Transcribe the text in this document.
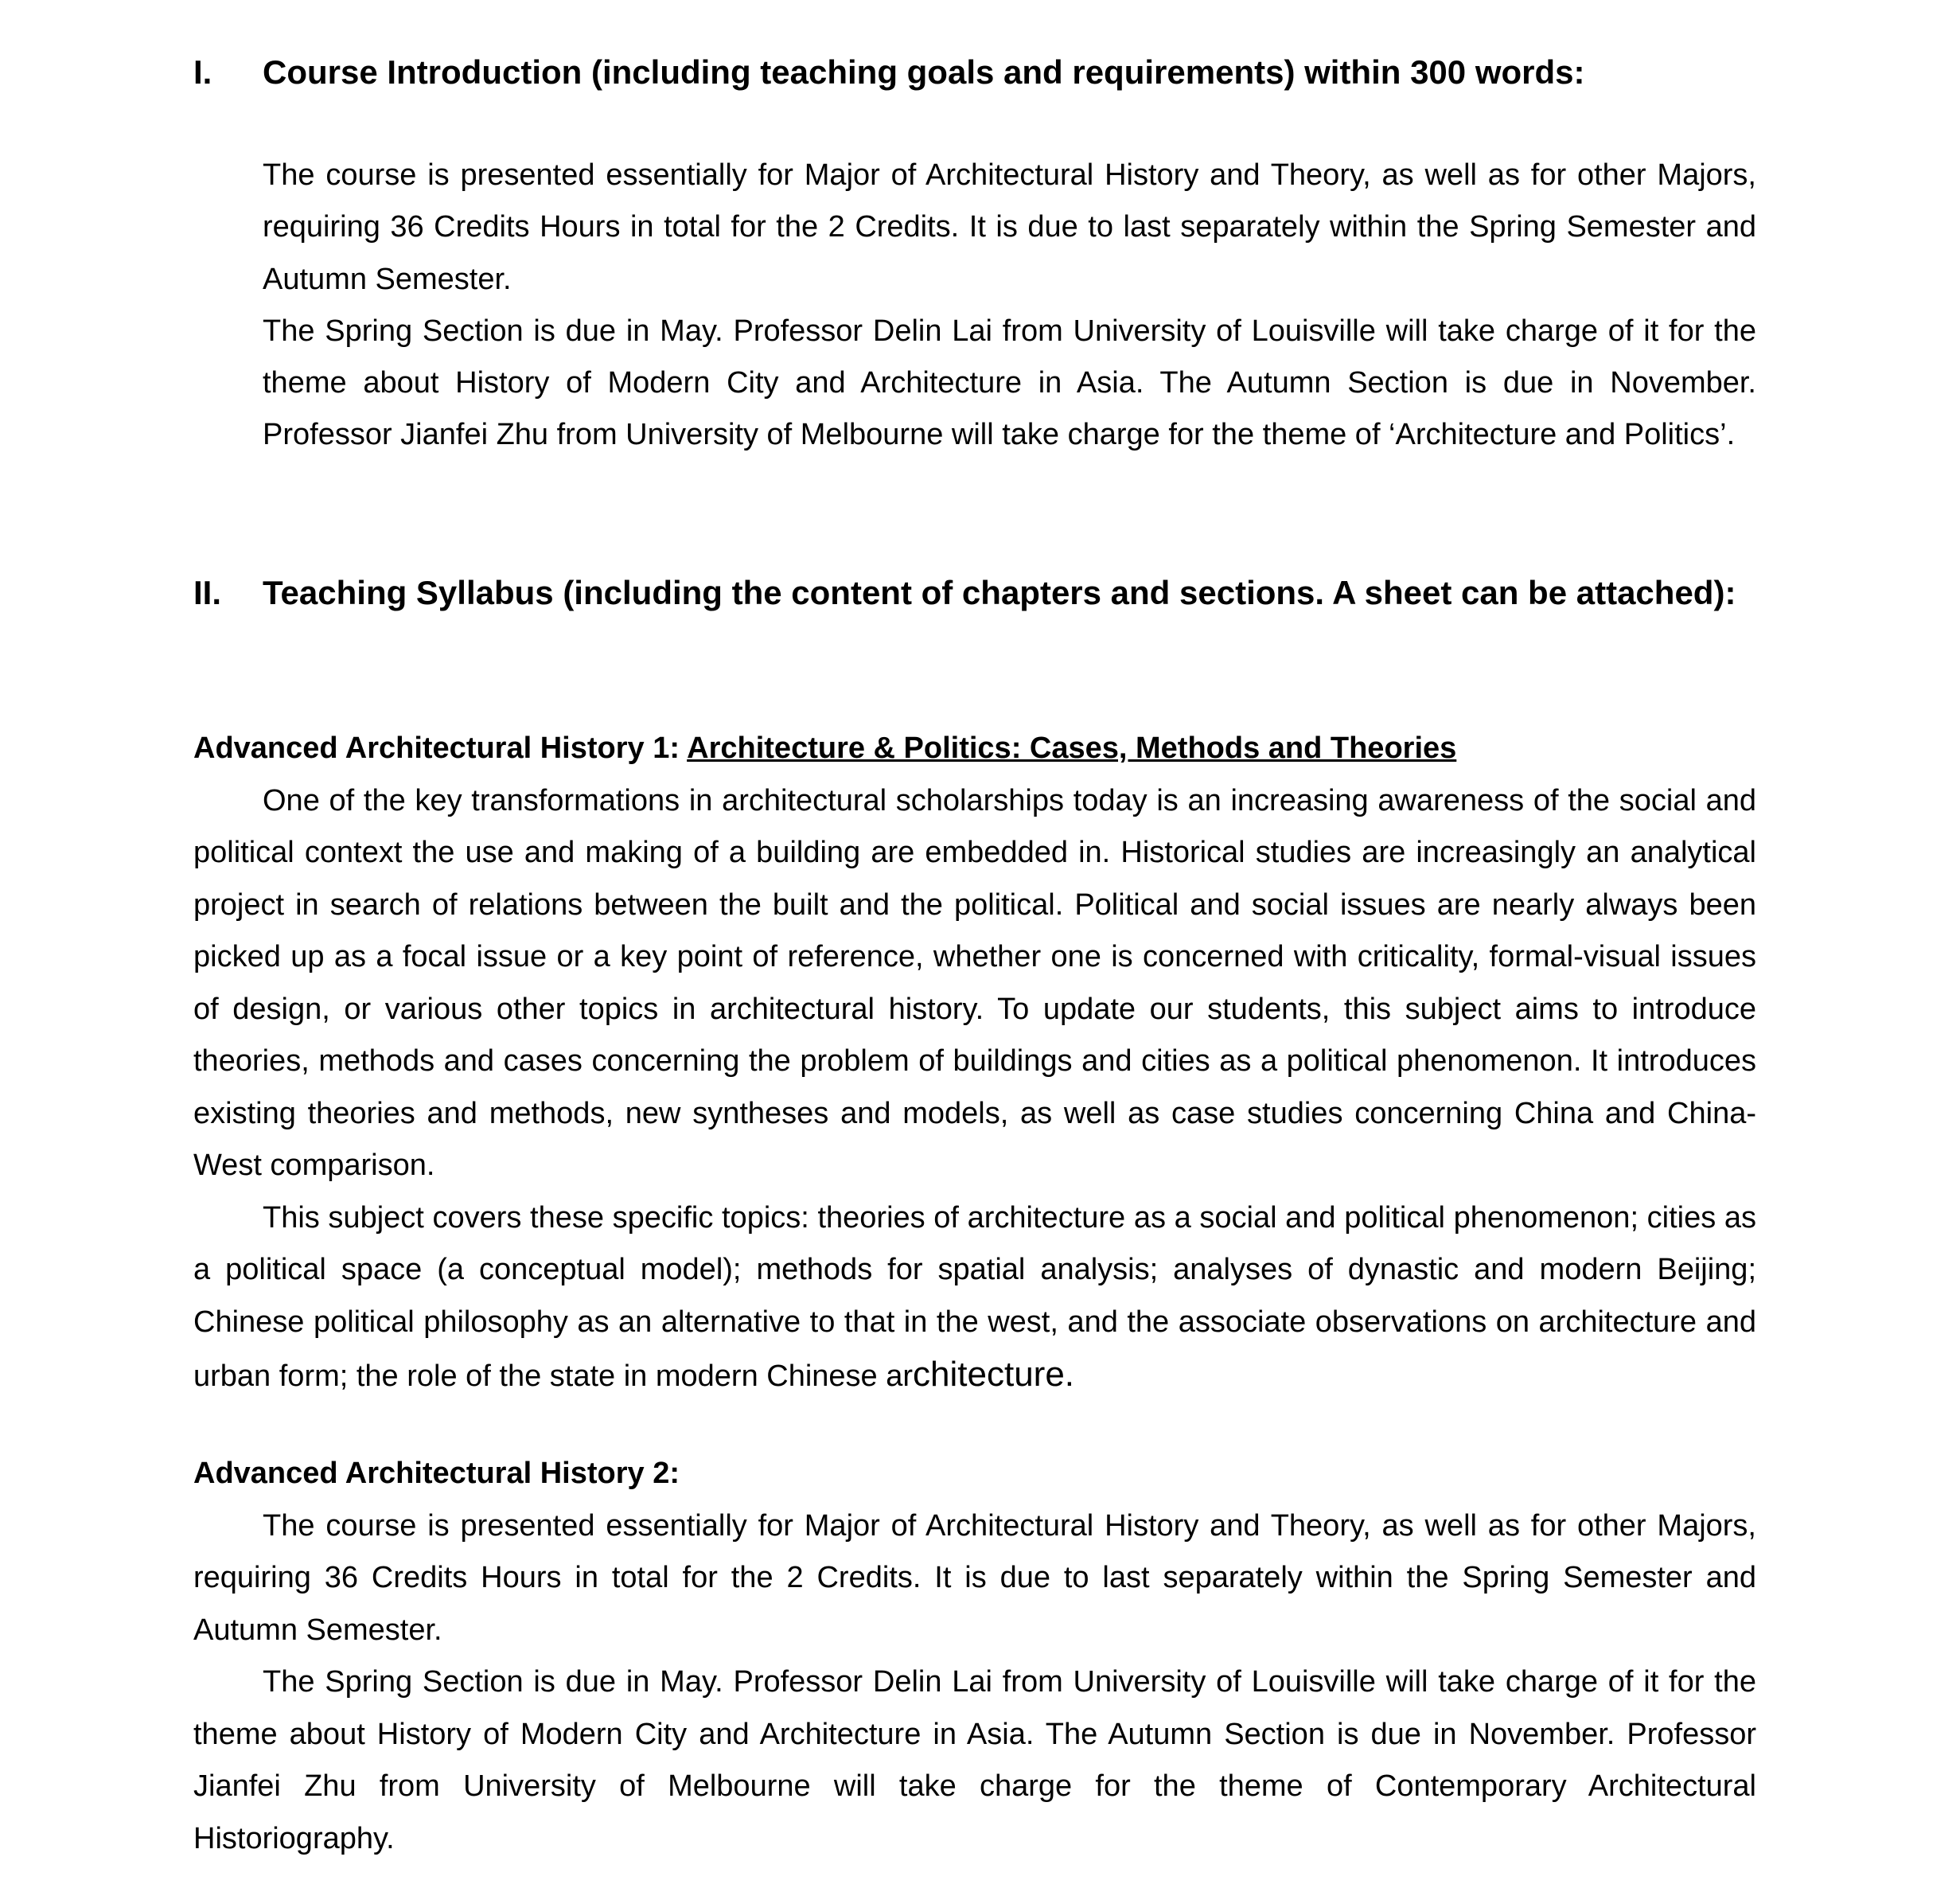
I.	Course Introduction (including teaching goals and requirements) within 300 words:

The course is presented essentially for Major of Architectural History and Theory, as well as for other Majors, requiring 36 Credits Hours in total for the 2 Credits. It is due to last separately within the Spring Semester and Autumn Semester.

The Spring Section is due in May. Professor Delin Lai from University of Louisville will take charge of it for the theme about History of Modern City and Architecture in Asia. The Autumn Section is due in November. Professor Jianfei Zhu from University of Melbourne will take charge for the theme of ‘Architecture and Politics’.

II.	Teaching Syllabus (including the content of chapters and sections. A sheet can be attached):

Advanced Architectural History 1: Architecture & Politics: Cases, Methods and Theories

One of the key transformations in architectural scholarships today is an increasing awareness of the social and political context the use and making of a building are embedded in. Historical studies are increasingly an analytical project in search of relations between the built and the political. Political and social issues are nearly always been picked up as a focal issue or a key point of reference, whether one is concerned with criticality, formal-visual issues of design, or various other topics in architectural history. To update our students, this subject aims to introduce theories, methods and cases concerning the problem of buildings and cities as a political phenomenon. It introduces existing theories and methods, new syntheses and models, as well as case studies concerning China and China-West comparison.

This subject covers these specific topics: theories of architecture as a social and political phenomenon; cities as a political space (a conceptual model); methods for spatial analysis; analyses of dynastic and modern Beijing; Chinese political philosophy as an alternative to that in the west, and the associate observations on architecture and urban form; the role of the state in modern Chinese architecture.

Advanced Architectural History 2:

The course is presented essentially for Major of Architectural History and Theory, as well as for other Majors, requiring 36 Credits Hours in total for the 2 Credits. It is due to last separately within the Spring Semester and Autumn Semester.

The Spring Section is due in May. Professor Delin Lai from University of Louisville will take charge of it for the theme about History of Modern City and Architecture in Asia. The Autumn Section is due in November. Professor Jianfei Zhu from University of Melbourne will take charge for the theme of Contemporary Architectural Historiography.
